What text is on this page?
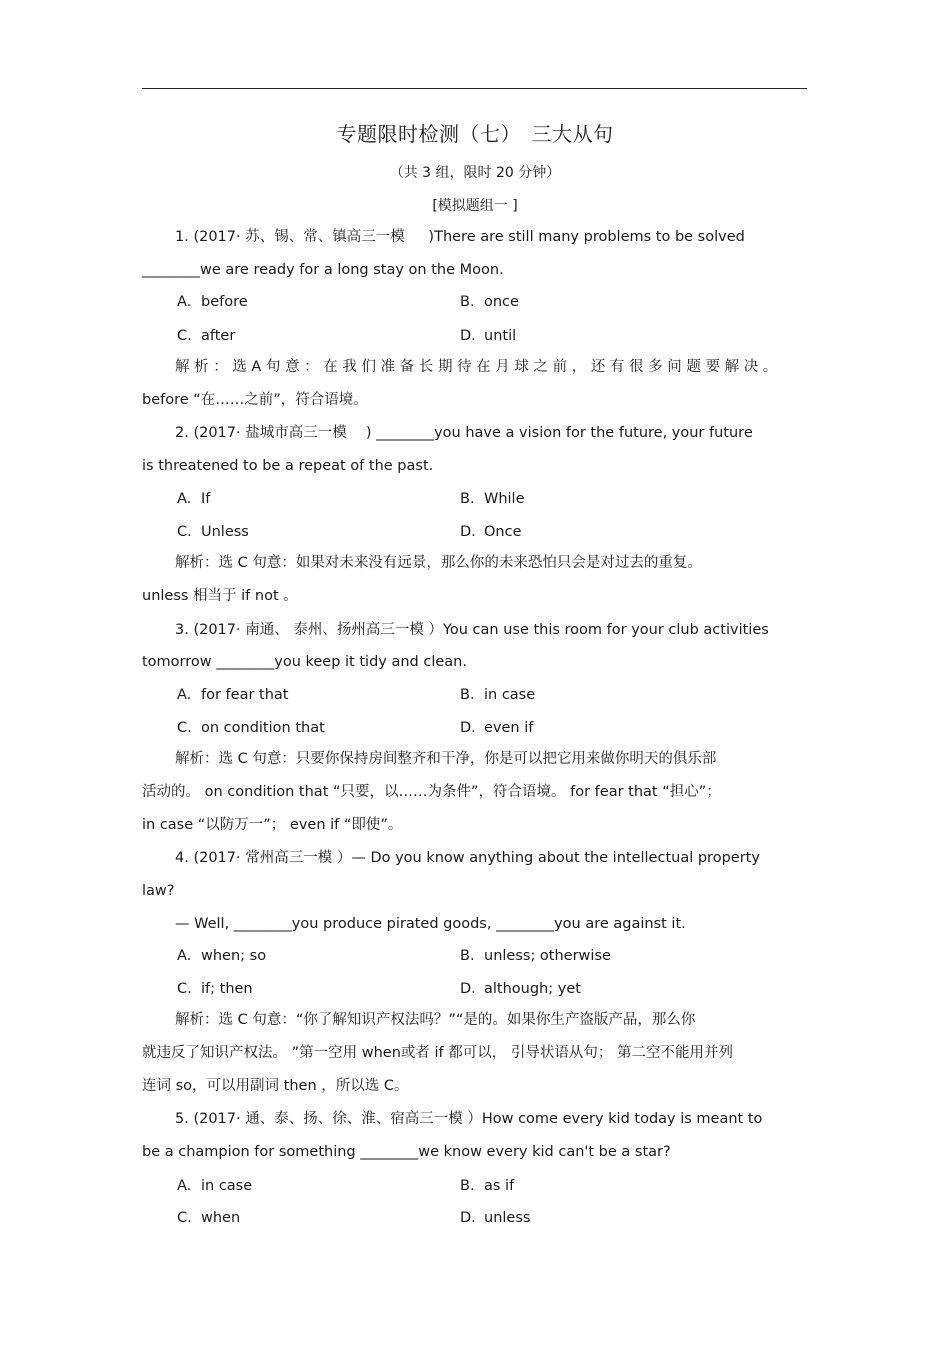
专题限时检测（七）　三大从句
（共 3 组，限时 20 分钟）
[模拟题组一 ]
1. (2017· 苏、锡、常、镇高三一模 　 )There are still many problems to be solved
________we are ready for a long stay on the Moon.
A. before	B. once
C. after	D. until
解 析 ： 选 A 句 意 ： 在 我 们 准 备 长 期 待 在 月 球 之 前 ， 还 有 很 多 问 题 要 解 决 。
before “在……之前”，符合语境。
2. (2017· 盐城市高三一模 　) ________you have a vision for the future, your future
is threatened to be a repeat of the past.
A. If	B. While
C. Unless	D. Once
解析：选 C 句意：如果对未来没有远景，那么你的未来恐怕只会是对过去的重复。
unless 相当于 if not 。
3. (2017· 南通、 泰州、扬州高三一模 ）You can use this room for your club activities
tomorrow ________you keep it tidy and clean.
A. for fear that	B. in case
C. on condition that	D. even if
解析：选 C 句意：只要你保持房间整齐和干净，你是可以把它用来做你明天的俱乐部
活动的。 on condition that “只要，以……为条件”，符合语境。 for fear that “担心”；
in case “以防万一”； even if “即使”。
4. (2017· 常州高三一模 ）— Do you know anything about the intellectual property
law?
— Well, ________you produce pirated goods, ________you are against it.
A. when; so	B. unless; otherwise
C. if; then	D. although; yet
解析：选 C 句意：“你了解知识产权法吗？”“是的。如果你生产盗版产品，那么你
就违反了知识产权法。 ”第一空用 when或者 if 都可以， 引导状语从句； 第二空不能用并列
连词 so，可以用副词 then ，所以选 C。
5. (2017· 通、泰、扬、徐、淮、宿高三一模 ）How come every kid today is meant to
be a champion for something ________we know every kid can't be a star?
A. in case	B. as if
C. when	D. unless
